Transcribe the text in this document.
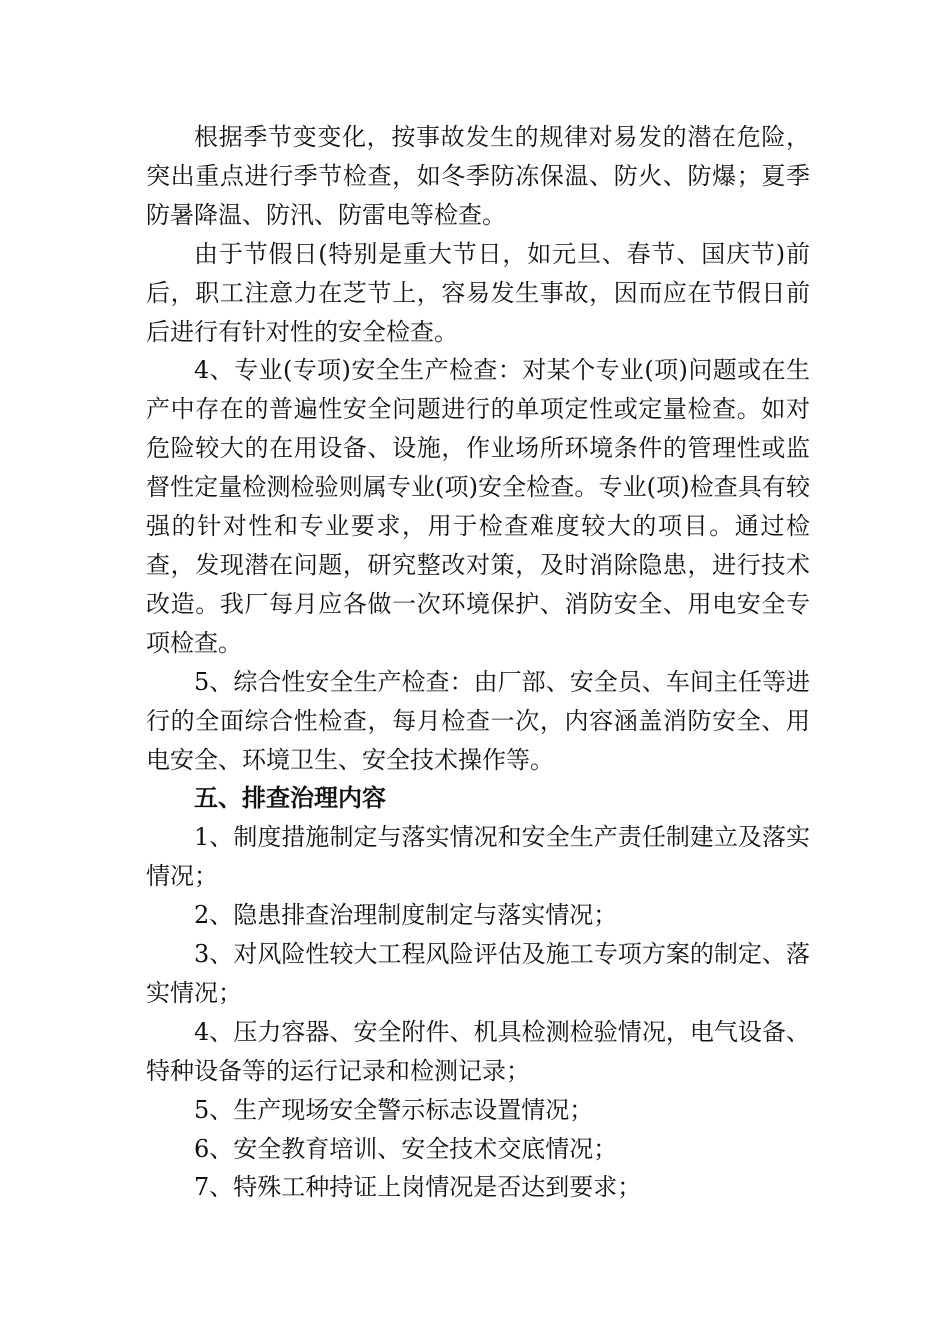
根据季节变变化，按事故发生的规律对易发的潜在危险，突出重点进行季节检查，如冬季防冻保温、防火、防爆；夏季防暑降温、防汛、防雷电等检查。

由于节假日(特别是重大节日，如元旦、春节、国庆节)前后，职工注意力在芝节上，容易发生事故，因而应在节假日前后进行有针对性的安全检查。

4、专业(专项)安全生产检查：对某个专业(项)问题或在生产中存在的普遍性安全问题进行的单项定性或定量检查。如对危险较大的在用设备、设施，作业场所环境条件的管理性或监督性定量检测检验则属专业(项)安全检查。专业(项)检查具有较强的针对性和专业要求，用于检查难度较大的项目。通过检查，发现潜在问题，研究整改对策，及时消除隐患，进行技术改造。我厂每月应各做一次环境保护、消防安全、用电安全专项检查。

5、综合性安全生产检查：由厂部、安全员、车间主任等进行的全面综合性检查，每月检查一次，内容涵盖消防安全、用电安全、环境卫生、安全技术操作等。

五、排查治理内容

1、制度措施制定与落实情况和安全生产责任制建立及落实情况；

2、隐患排查治理制度制定与落实情况；

3、对风险性较大工程风险评估及施工专项方案的制定、落实情况；

4、压力容器、安全附件、机具检测检验情况，电气设备、特种设备等的运行记录和检测记录；

5、生产现场安全警示标志设置情况；

6、安全教育培训、安全技术交底情况；

7、特殊工种持证上岗情况是否达到要求；
